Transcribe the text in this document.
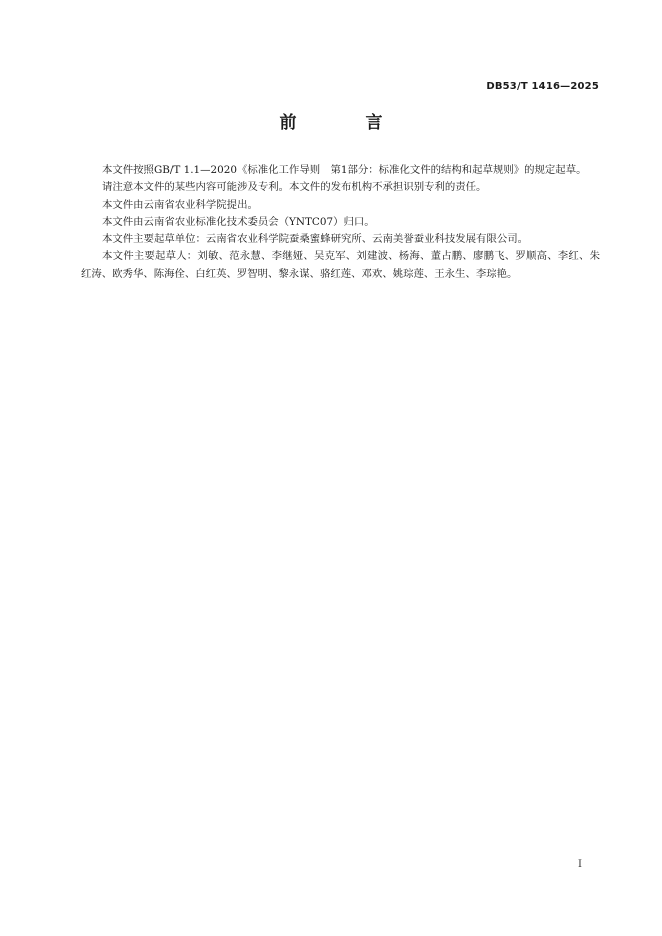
DB53/T 1416—2025
前　言

本文件按照GB/T 1.1—2020《标准化工作导则　第1部分：标准化文件的结构和起草规则》的规定起草。

请注意本文件的某些内容可能涉及专利。本文件的发布机构不承担识别专利的责任。

本文件由云南省农业科学院提出。

本文件由云南省农业标准化技术委员会（YNTC07）归口。

本文件主要起草单位：云南省农业科学院蚕桑蜜蜂研究所、云南美誉蚕业科技发展有限公司。

本文件主要起草人：刘敏、范永慧、李继娅、吴克军、刘建波、杨海、董占鹏、廖鹏飞、罗顺高、李红、朱红涛、欧秀华、陈海佺、白红英、罗智明、黎永谋、骆红莲、邓欢、姚琮莲、王永生、李琮艳。

I
